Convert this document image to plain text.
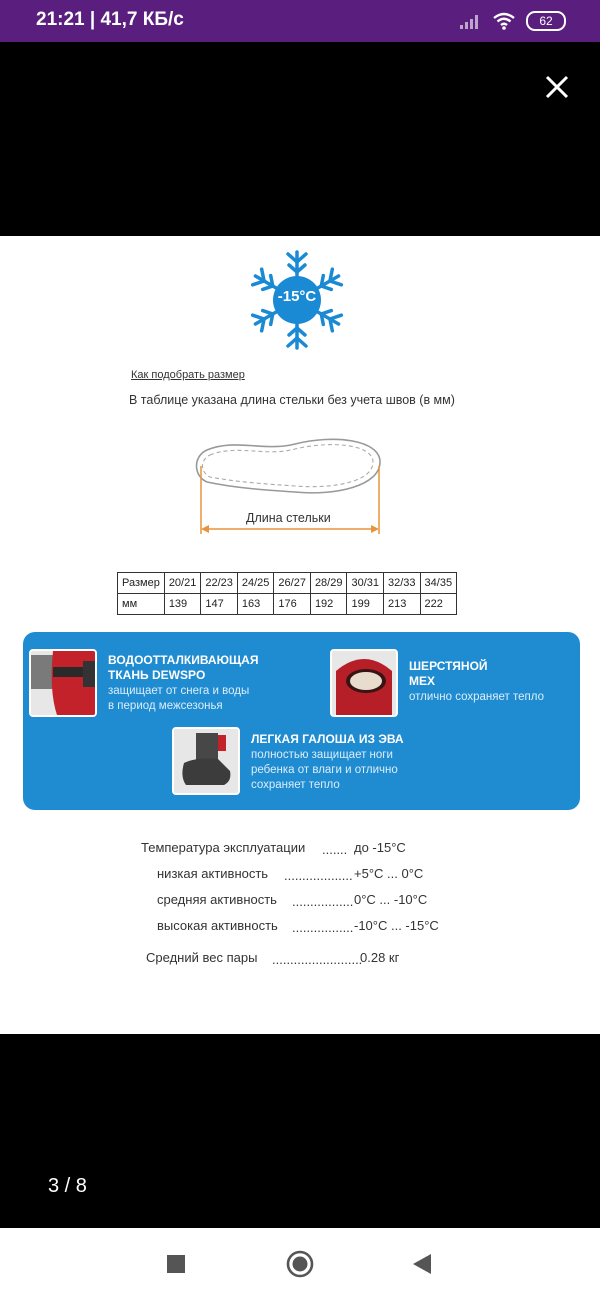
21:21 | 41,7 КБ/с	62
-15°C
Как подобрать размер
В таблице указана длина стельки без учета швов (в мм)
Длина стельки
Размер	20/21	22/23	24/25	26/27	28/29	30/31	32/33	34/35
мм	139	147	163	176	192	199	213	222
ВОДООТТАЛКИВАЮЩАЯ
ТКАНЬ DEWSPO
защищает от снега и воды
в период межсезонья
ШЕРСТЯНОЙ
МЕХ
отлично сохраняет тепло
ЛЕГКАЯ ГАЛОША ИЗ ЭВА
полностью защищает ноги
ребенка от влаги и отлично
сохраняет тепло
Температура эксплуатации ....... до -15°C
низкая активность ................... +5°C ... 0°C
средняя активность ................. 0°C ... -10°C
высокая активность ................. -10°C ... -15°C
Средний вес пары .........................
0.28 кг
3 / 8
